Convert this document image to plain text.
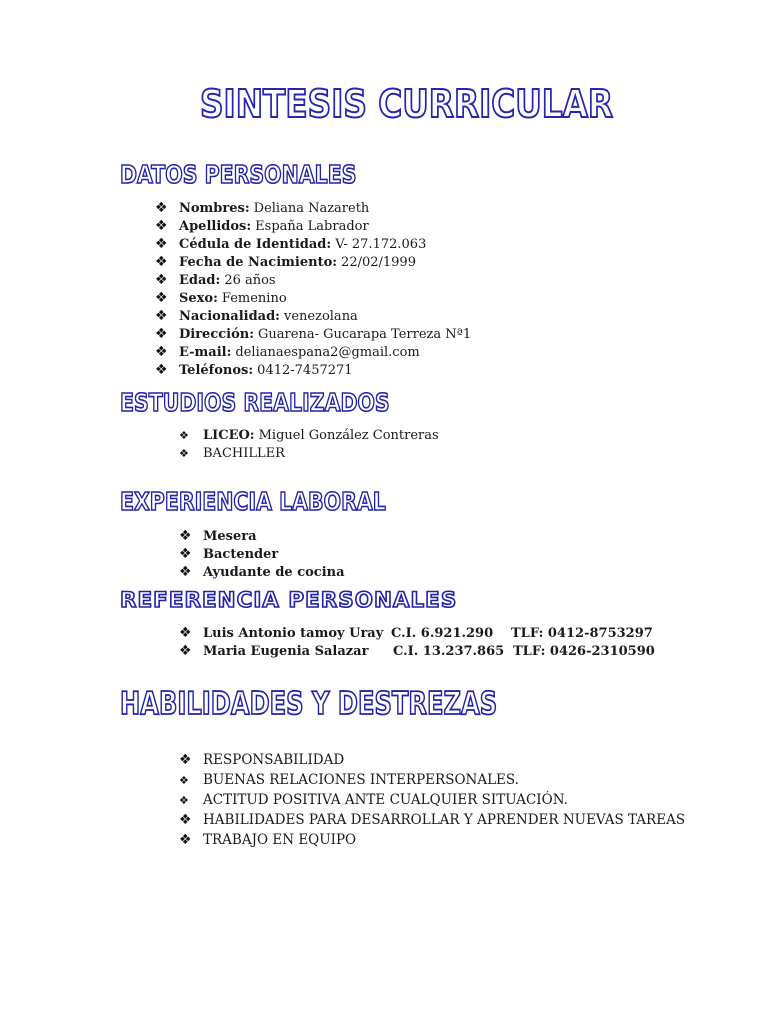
SINTESIS CURRICULAR
DATOS PERSONALES
❖ Nombres: Deliana Nazareth
❖ Apellidos: España Labrador
❖ Cédula de Identidad: V- 27.172.063
❖ Fecha de Nacimiento: 22/02/1999
❖ Edad: 26 años
❖ Sexo: Femenino
❖ Nacionalidad: venezolana
❖ Dirección: Guarena- Gucarapa Terreza Nª1
❖ E-mail: delianaespana2@gmail.com
❖ Teléfonos: 0412-7457271
ESTUDIOS REALIZADOS
❖	LICEO: Miguel González Contreras
❖	BACHILLER
EXPERIENCIA LABORAL
❖ Mesera
❖ Bactender
❖ Ayudante de cocina
REFERENCIA PERSONALES
❖ Luis Antonio tamoy Uray C.I. 6.921.290	TLF: 0412-8753297
❖ Maria Eugenia Salazar	C.I. 13.237.865 TLF: 0426-2310590
HABILIDADES Y DESTREZAS
❖ RESPONSABILIDAD
❖	BUENAS RELACIONES INTERPERSONALES.
❖	ACTITUD POSITIVA ANTE CUALQUIER SITUACIÓN.
❖ HABILIDADES PARA DESARROLLAR Y APRENDER NUEVAS TAREAS
❖ TRABAJO EN EQUIPO
